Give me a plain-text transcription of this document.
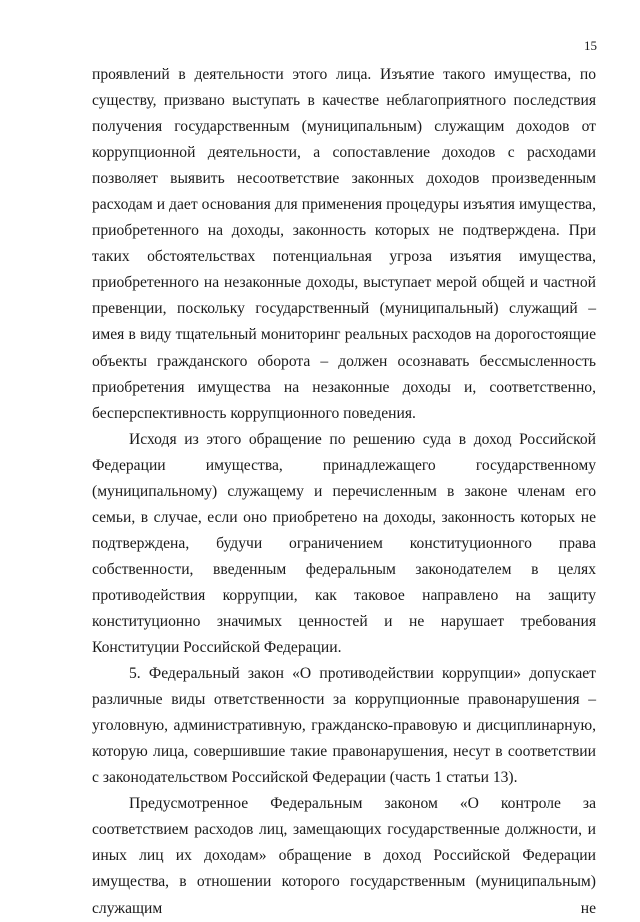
15

проявлений в деятельности этого лица. Изъятие такого имущества, по существу, призвано выступать в качестве неблагоприятного последствия получения государственным (муниципальным) служащим доходов от коррупционной деятельности, а сопоставление доходов с расходами позволяет выявить несоответствие законных доходов произведенным расходам и дает основания для применения процедуры изъятия имущества, приобретенного на доходы, законность которых не подтверждена. При таких обстоятельствах потенциальная угроза изъятия имущества, приобретенного на незаконные доходы, выступает мерой общей и частной превенции, поскольку государственный (муниципальный) служащий – имея в виду тщательный мониторинг реальных расходов на дорогостоящие объекты гражданского оборота – должен осознавать бессмысленность приобретения имущества на незаконные доходы и, соответственно, бесперспективность коррупционного поведения.

Исходя из этого обращение по решению суда в доход Российской Федерации имущества, принадлежащего государственному (муниципальному) служащему и перечисленным в законе членам его семьи, в случае, если оно приобретено на доходы, законность которых не подтверждена, будучи ограничением конституционного права собственности, введенным федеральным законодателем в целях противодействия коррупции, как таковое направлено на защиту конституционно значимых ценностей и не нарушает требования Конституции Российской Федерации.

5. Федеральный закон «О противодействии коррупции» допускает различные виды ответственности за коррупционные правонарушения – уголовную, административную, гражданско-правовую и дисциплинарную, которую лица, совершившие такие правонарушения, несут в соответствии с законодательством Российской Федерации (часть 1 статьи 13).

Предусмотренное Федеральным законом «О контроле за соответствием расходов лиц, замещающих государственные должности, и иных лиц их доходам» обращение в доход Российской Федерации имущества, в отношении которого государственным (муниципальным) служащим не
